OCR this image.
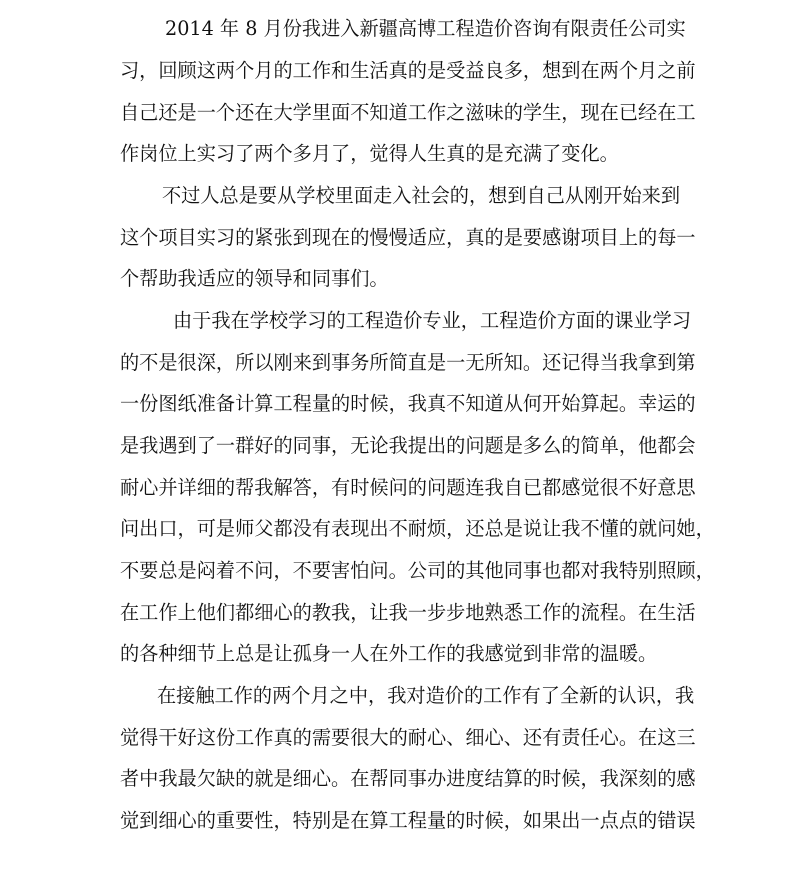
2014 年 8 月份我进入新疆高博工程造价咨询有限责任公司实
习，回顾这两个月的工作和生活真的是受益良多，想到在两个月之前
自己还是一个还在大学里面不知道工作之滋味的学生，现在已经在工
作岗位上实习了两个多月了，觉得人生真的是充满了变化。
不过人总是要从学校里面走入社会的，想到自己从刚开始来到
这个项目实习的紧张到现在的慢慢适应，真的是要感谢项目上的每一
个帮助我适应的领导和同事们。
由于我在学校学习的工程造价专业，工程造价方面的课业学习
的不是很深，所以刚来到事务所简直是一无所知。还记得当我拿到第
一份图纸准备计算工程量的时候，我真不知道从何开始算起。幸运的
是我遇到了一群好的同事，无论我提出的问题是多么的简单，他都会
耐心并详细的帮我解答，有时候问的问题连我自已都感觉很不好意思
问出口，可是师父都没有表现出不耐烦，还总是说让我不懂的就问她，
不要总是闷着不问，不要害怕问。公司的其他同事也都对我特别照顾，
在工作上他们都细心的教我，让我一步步地熟悉工作的流程。在生活
的各种细节上总是让孤身一人在外工作的我感觉到非常的温暖。
在接触工作的两个月之中，我对造价的工作有了全新的认识，我
觉得干好这份工作真的需要很大的耐心、细心、还有责任心。在这三
者中我最欠缺的就是细心。在帮同事办进度结算的时候，我深刻的感
觉到细心的重要性，特别是在算工程量的时候，如果出一点点的错误
